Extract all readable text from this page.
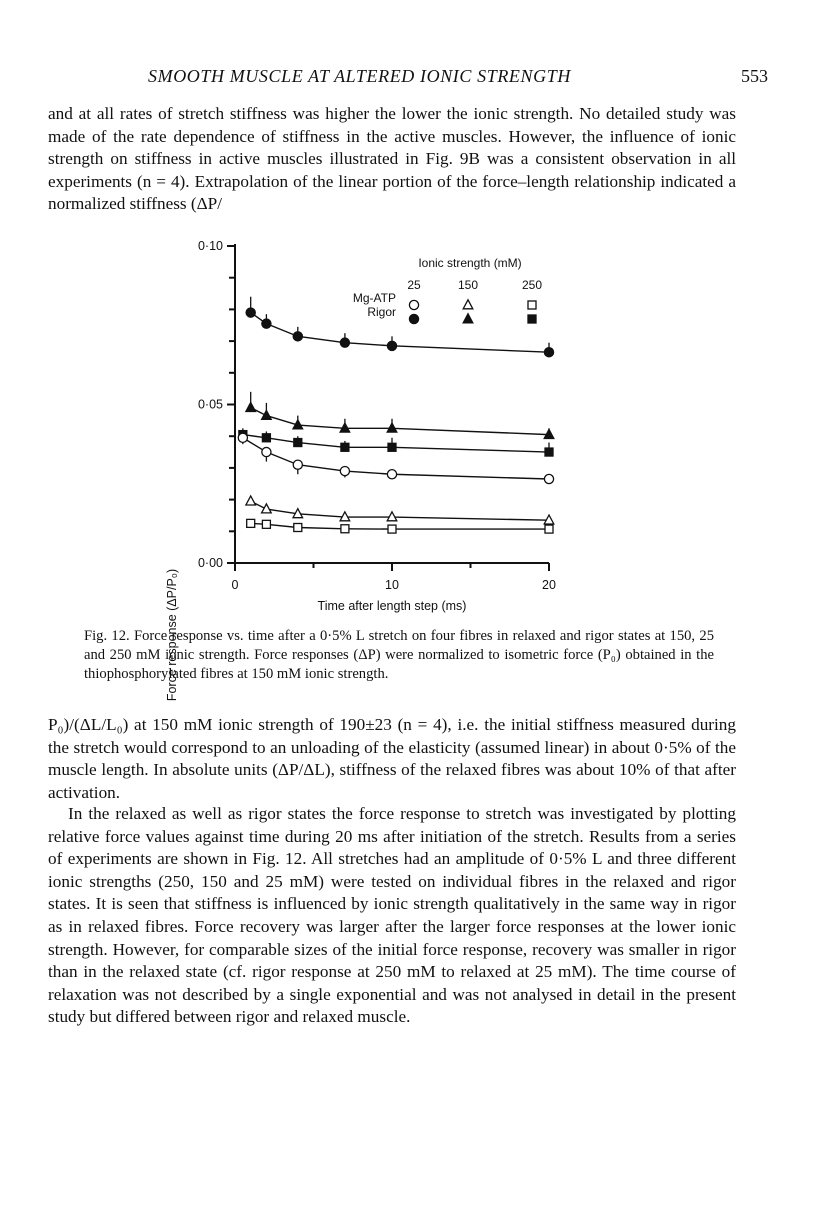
SMOOTH MUSCLE AT ALTERED IONIC STRENGTH	553

and at all rates of stretch stiffness was higher the lower the ionic strength. No detailed study was made of the rate dependence of stiffness in the active muscles. However, the influence of ionic strength on stiffness in active muscles illustrated in Fig. 9B was a consistent observation in all experiments (n = 4). Extrapolation of the linear portion of the force–length relationship indicated a normalized stiffness (ΔP/

0·00
0·05
0·10
0	10	20
Ionic strength (mM)
25	150	250
Mg-ATP
Rigor
Force response (ΔP/P₀)	Time after length step (ms)

Fig. 12. Force response vs. time after a 0·5% L stretch on four fibres in relaxed and rigor states at 150, 25 and 250 mM ionic strength. Force responses (ΔP) were normalized to isometric force (P₀) obtained in the thiophosphorylated fibres at 150 mM ionic strength.

P₀)/(ΔL/L₀) at 150 mM ionic strength of 190±23 (n = 4), i.e. the initial stiffness measured during the stretch would correspond to an unloading of the elasticity (assumed linear) in about 0·5% of the muscle length. In absolute units (ΔP/ΔL), stiffness of the relaxed fibres was about 10% of that after activation.

In the relaxed as well as rigor states the force response to stretch was investigated by plotting relative force values against time during 20 ms after initiation of the stretch. Results from a series of experiments are shown in Fig. 12. All stretches had an amplitude of 0·5% L and three different ionic strengths (250, 150 and 25 mM) were tested on individual fibres in the relaxed and rigor states. It is seen that stiffness is influenced by ionic strength qualitatively in the same way in rigor as in relaxed fibres. Force recovery was larger after the larger force responses at the lower ionic strength. However, for comparable sizes of the initial force response, recovery was smaller in rigor than in the relaxed state (cf. rigor response at 250 mM to relaxed at 25 mM). The time course of relaxation was not described by a single exponential and was not analysed in detail in the present study but differed between rigor and relaxed muscle.
